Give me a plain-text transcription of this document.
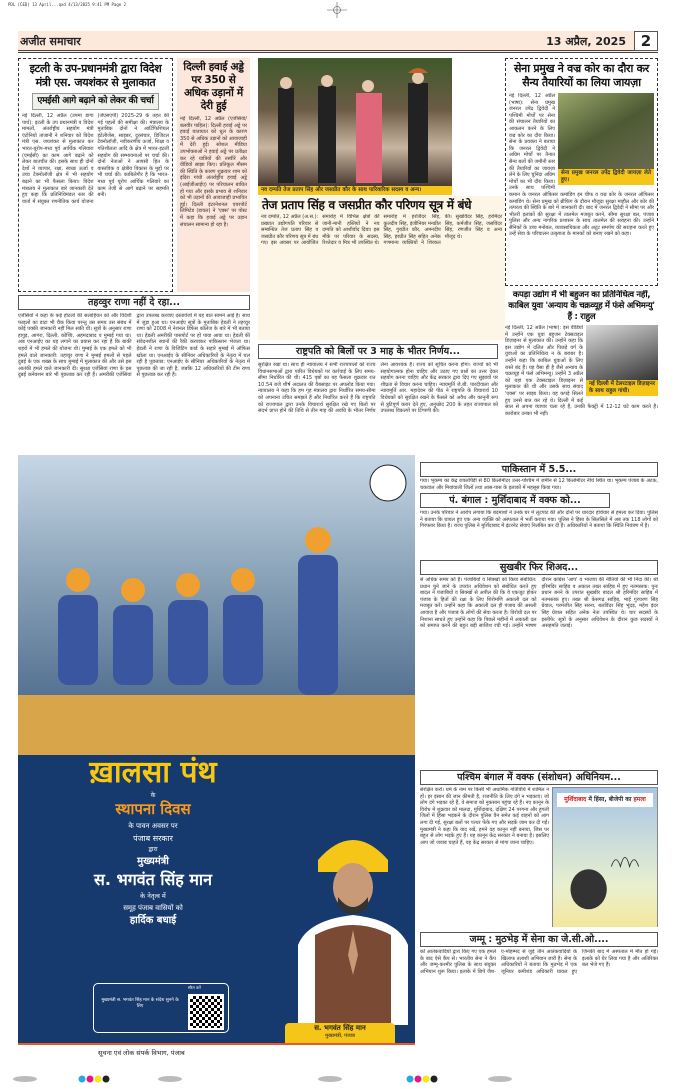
PDL (CED) 13 April...qxd 4/13/2025 9:41 PM Page 2
अजीत समाचार	13 अप्रैल, 2025 2
इटली के उप-प्रधानमंत्री द्वारा विदेश मंत्री एस. जयशंकर से मुलाकात
एमईसी आगे बढ़ाने को लेकर की चर्चा
नई दिल्ली, 12 अप्रैल (उपमा डागा पार्थ): इटली के उप प्रधानमंत्री व विदेश मामलों, अंतर्राष्ट्रीय सहयोग मंत्री एंटोनियो ताजानी ने शनिवार को विदेश मंत्री एस. जयशंकर से मुलाकात कर भारत-यूरोप-मध्य पूर्व आर्थिक गलियारा (एमईसी) का काम आगे बढ़ाने को लेकर बातचीत की। इसके साथ ही दोनों देशों ने व्यापार, रक्षा, स्वच्छ ऊर्जा व उच्च टैक्नोलॉजी क्षेत्र में भी सहयोग बढ़ाने का भी फैसला किया। विदेश मंत्रालय ने मुलाकात बारे जानकारी देते हुए कहा कि प्रतिनिधिमंडल स्तर की वार्ता में संयुक्त रणनीतिक कार्य योजना (जेएसएपी) 2025-29 के तहत की गई पहलों की समीक्षा की। मंत्रालय के मुताबिक दोनों ने आर्टिफिशियल इंटेलीजेंस, साइबर, दूरसंचार, डिजिटल टैक्नोलॉजी, नवीकरणीय ऊर्जा, शिक्षा व गतिशीलता आदि के क्षेत्र में भारत-इटली सहयोग की सम्भावनाओं पर चर्चा की। दोनों नेताओं ने आपसी हित के वास्तविक व क्षेत्रीय विकास के मुद्दों पर भी चर्चा की। काबिलेगौर है कि भारत-मध्य पूर्व यूरोप आर्थिक गलियारे का काम तेजी से आगे बढ़ाने पर सहमति बनी।
दिल्ली हवाई अड्डे पर 350 से अधिक उड़ानों में देरी हुई
नई दिल्ली, 12 अप्रैल (एजेंसियां/बलवीर पाहिल): दिल्ली हवाई अड्डे पर हवाई यातायात को धूल के कारण 350 से अधिक उड़ानों को आवाजाही में देरी हुई। सोशल मीडिया उपभोक्ताओं ने हवाई अड्डे पर प्रतीक्षा कर रहे यात्रियों की तस्वीरें और वीडियो साझा किए। प्रतिकूल मौसम की स्थिति के कारण शुक्रवार शाम को इंदिरा गांधी अंतर्राष्ट्रीय हवाई अड्डे (आईजीआईए) पर परिचालन बाधित हो गया और इसके प्रभाव से शनिवार को भी उड़ानों की आवाजाही प्रभावित हुई। दिल्ली इंटरनेशनल एयरपोर्ट लिमिटेड (डायल) ने 'एक्स' पर पोस्ट में कहा कि हवाई अड्डे पर उड़ान संचालन सामान्य हो रहा है।
नव दम्पति तेज प्रताप सिंह और जसप्रीत कौर के साथ पारिवारिक सदस्य व अन्य।
तेज प्रताप सिंह व जसप्रीत कौर परिणय सूत्र में बंधे
नव दम्पति, 12 अप्रैल (अ.स.): प्रख्यात उद्योगपति परिवार से सम्बन्धित तेज प्रताप सिंह व जसप्रीत कौर परिणय सूत्र में बंध गए। इस अवसर पर आयोजित समारोह में विभिन्न क्षेत्रों की जानी-मानी हस्तियों ने नव दम्पति को आशीर्वाद दिया। इस मौके पर परिवार के सदस्य, रिश्तेदार व मित्र भी उपस्थित थे। समारोह में हरजिंदर सिंह, कुलदीप सिंह, इंजीनियर मनप्रीत सिंह, गुरप्रीत कौर, अमनदीप सिंह, हरप्रीत सिंह सहित अनेक गणमान्य व्यक्तियों ने शिरकत की। सुखविंदर सिंह, हरमिंदर सिंह, कर्मजीत सिंह, जसविंदर सिंह, रणजीत सिंह व अन्य मौजूद थे।
सेना प्रमुख ने वज्र कोर का दौरा कर सैन्य तैयारियों का लिया जायज़ा
सेना प्रमुख जनरल उपेंद्र द्विवेदी जायज़ा लेते हुए।
नई दिल्ली, 12 अप्रैल (भाषा): सेना प्रमुख जनरल उपेंद्र द्विवेदी ने पश्चिमी मोर्चों पर सेना की संचालन तैयारियों का आकलन करने के लिए वज्र कोर का दौरा किया। सेना के प्रवक्ता ने बताया कि जनरल द्विवेदी ने अग्रिम मोर्चों पर तैनात सैन्य बलों की जमीनी स्तर की तैयारियों का जायज़ा लेने के लिए चुनिंदा अग्रिम मोर्चों का भी दौरा किया। उनके साथ पश्चिमी कमान के जनरल ऑफिसर कमांडिंग इन चीफ व वज्र कोर के जनरल ऑफिसर कमांडिंग थे। सेना प्रमुख को ब्रीफिंग के दौरान मौजूदा सुरक्षा माहौल और कोर की तत्परता की स्थिति के बारे में जानकारी दी। बाद में जनरल द्विवेदी ने सीमा पर और भीतरी इलाकों की सुरक्षा में तालमेल मजबूत करने, सीमा सुरक्षा बल, पंजाब पुलिस और अन्य नागरिक प्रशासन के साथ तालमेल की सराहना की। उन्होंने सैनिकों के उच्च मनोबल, व्यावसायिकता और अटूट समर्पण की सराहना करते हुए उन्हें सेवा के परिचालन उत्कृष्टता के मानकों को बनाए रखने को कहा।
तहव्वुर राणा नहीं दे रहा...
एजेंसियों ने कहा के कई होटलों की सलाहियत को और विदेशी फाइलों का डाटा भी चैक किया परन्तु उस समय उस संबंध में कोई पक्की जानकारी नहीं मिल सकी थी। सूत्रों के अनुसार राणा हापुड़, आगरा, दिल्ली, कोच्चि, अहमदाबाद व मुम्बई गया था। अब एनआईए का यह लगाने का प्रयास कर रहा है कि बाकी शहरों में भी हमले की योजना थी। मुम्बई के एक हमले को भी हमले वाले जानकारी: तहव्वुर राणा ने मुम्बई हमलों से पहले दुबई के एक शख्स के साथ मुम्बई में मुलाकात की और उसे इस आतंकी हमले वाले जानकारी दी। सुरक्षा एजेंसियां राणा के इस दुबई कनेक्शन बारे भी पूछताछ कर रही हैं। अमरीकी एजेंसियां द्वारा उपलब्ध करवाए दस्तावेजों में यह बात सामने आई है। साथ में जुड़ा हुआ था। एनआईए सूत्रों के मुताबिक हेडली ने तहव्वुर राणा को 2008 में नेशनल डिफेंस कॉलेज के बारे में भी बताया था। हेडली अमरीकी पासपोर्ट पर हो पाया आया था। हेडली की संवेदनशील स्थानों की रैकी करवाकर पाकिस्तान भेजता था। हेडली ने राणा के विजिटिंग कार्ड के सहारे मुम्बई में ऑफिस खोला था। एनआईए के सीनियर अधिकारियों के नेतृत्व में चल रही है पूछताछ: एनआईए के सीनियर अधिकारियों के नेतृत्व में पूछताछ की जा रही है, जबकि 12 अधिकारियों की टीम राणा से पूछताछ कर रही है।
राष्ट्रपति को बिलों पर 3 माह के भीतर निर्णय...
सुरक्षित रखा था। साथ ही न्यायालय ने सभी राज्यपालों को राज्य विधानसभाओं द्वारा पारित विधेयकों पर कार्रवाई के लिए समय-सीमा निर्धारित की थी। 415 पृष्ठों का यह फैसला शुक्रवार रात 10.54 बजे शीर्ष अदालत की वैबसाइट पर अपलोड किया गया। न्यायालय ने कहा कि हम गृह मंत्रालय द्वारा निर्धारित समय-सीमा को अपनाना उचित समझते हैं और निर्धारित करते हैं कि राष्ट्रपति को राज्यपाल द्वारा उनके विचारार्थ सुरक्षित रखे गए बिलों पर संदर्भ प्राप्त होने की तिथि से तीन माह की अवधि के भीतर निर्णय लेना आवश्यक है। राज्य को सूचित करना होगा। राज्यों को भी सहयोगात्मक होना चाहिए और उठाए गए प्रश्नों का उत्तर देकर सहयोग करना चाहिए और केंद्र सरकार द्वारा दिए गए सुझावों पर शीघ्रता से विचार करना चाहिए। न्यायमूर्ति जे.बी. पारदीवाला और न्यायमूर्ति आर. महादेवन की पीठ ने राष्ट्रपति के विचारार्थ 10 विधेयकों को सुरक्षित रखने के फैसले को अवैध और कानूनी रूप से त्रुटिपूर्ण करार देते हुए, अनुच्छेद 200 के तहत राज्यपाल को उपलब्ध विकल्पों पर टिप्पणी की।
कपड़ा उद्योग में भी बहुजन का प्रतिनिधित्व नहीं, काबिल युवा 'अन्याय के चक्रव्यूह में फंसे अभिमन्यु' हैं : राहुल
नई दिल्ली में टेलरटाइल डिज़ाइनर के साथ राहुल गांधी।
नई दिल्ली, 12 अप्रैल (भाषा): इस वीडियो में उन्होंने एक युवा बहुजन टेक्सटाइल डिज़ाइनर से मुलाकात की। उन्होंने कहा कि इस उद्योग में दलित और पिछड़े वर्ग के युवाओं का प्रतिनिधित्व न के बराबर है। उन्होंने कहा कि काबिल युवाओं के लिए रास्ते बंद हैं। यह वैसा ही है जैसे अन्याय के चक्रव्यूह में फंसे अभिमन्यु। उन्होंने 3 अप्रैल को यहां एक टेक्सटाइल डिज़ाइनर से मुलाकात की थी और उसके साथ संवाद 'एक्स' पर साझा किया। वह कपड़े सिलते हुए उनसे बात कर रहे थे। दिल्ली में कई साल से अपना व्यापार चला रहे हैं, उनकी फैक्ट्री में 12-12 घंटे काम करते हैं। कारोबार उनका भी नहीं।
ख़ालसा पंथ
के
स्थापना दिवस
के पावन अवसर पर
पंजाब सरकार
द्वारा
मुख्यमंत्री
स. भगवंत सिंह मान
के नेतृत्व में
समूह पंजाब वासियों को
हार्दिक बधाई
मुख्यमंत्री स. भगवंत सिंह मान के संदेश सुनने के लिए
स्कैन करें
स. भगवंत सिंह मान
मुख्यमंत्री, पंजाब
सूचना एवं लोक संपर्क विभाग, पंजाब
पाकिस्तान में 5.5...
गया। भूकम्प का केंद्र रावलपिंडी से 80 किलोमीटर उत्तर-पश्चिम में जमीन से 12 किलोमीटर नीचे स्थित था। भूकम्प पंजाब के अटक, चकवाल और मियांवाली जिलों तथा आस-पास के इलाकों में महसूस किया गया।
पं. बंगाल : मुर्शिदाबाद में वक्फ को...
गया। उनके परिवार ने आरोप लगाया कि बदमाशों ने उनके घर में लूटपाट की और दोनों पर धारदार हथियार से हमला कर दिया। पुलिस ने बताया कि घायल हुए एक अन्य व्यक्ति को अस्पताल में भर्ती कराया गया। पुलिस ने हिंसा के सिलसिले में अब तक 118 लोगों को गिरफ्तार किया है। राज्य पुलिस ने मुर्शिदाबाद में इंटरनेट सेवाएं निलंबित कर दी हैं। अधिकारियों ने बताया कि स्थिति नियंत्रण में है।
सुखबीर फिर शिअद...
से अधिक समय को है। पंजाबियों व सिक्खों को किया संबोधित: प्रधान चुने जाने के उपरांत अधिवेशन को संबोधित करते हुए बादल ने पंजाबियों व सिक्खों से अपील की कि वे एकजुट होकर पंजाब के हितों की रक्षा के लिए शिरोमणि अकाली दल को मजबूत करें। उन्होंने कहा कि अकाली दल ही पंजाब की असली आवाज है और पंजाब के लोगों की सेवा करता है। विरोधी दल पर निशाना साधते हुए उन्होंने कहा कि पिछले महीनों में अकाली दल को समाप्त करने की बहुत बड़ी साजिश रची गई। उन्होंने भाषण दौरान कांग्रेस 'आप' व भाजपा की नीतियों की भी निंदा की। श्री हरिमंदिर साहिब व अकाल तख्त साहिब में हुए नतमस्तक: पुनः प्रधान बनने के उपरांत सुखबीर बादल श्री हरिमंदिर साहिब में नतमस्तक हुए। तख्त श्री केसगढ़ साहिब, भाई गुरचरण सिंह ग्रेवाल, परमजीत सिंह सरना, बलविंदर सिंह भूंदड़, महेश इंदर सिंह ग्रेवाल सहित अनेक नेता उपस्थित थे। चार सदस्यों के इस्तीफे: सूत्रों के अनुसार अधिवेशन के दौरान कुछ सदस्यों ने असहमति जताई।
पश्चिम बंगाल में वक्फ (संशोधन) अधिनियम...
मुर्शिदाबाद में हिंसा, बीजेपी का हमला
संरक्षित करो। धर्म के नाम पर किसी भी अधार्मिक गतिविधि में शामिल न हों। हर इंसान की जान कीमती है, राजनीति के लिए दंगे न भड़काएं। जो लोग दंगे भड़का रहे हैं, वे समाज को नुकसान पहुंचा रहे हैं। नए कानून के विरोध में शुक्रवार को मालदा, मुर्शिदाबाद, दक्षिण 24 परगना और हुगली जिलों में हिंसा भड़कने के दौरान पुलिस वैन समेत कई वाहनों को आग लगा दी गई, सुरक्षा बलों पर पत्थर फेंके गए और सड़कें जाम कर दी गईं। मुख्यमंत्री ने कहा कि याद रखें, हमने वह कानून नहीं बनाया, जिस पर बहुत से लोग भड़के हुए हैं। यह कानून केंद्र सरकार ने बनाया है। इसलिए आप जो जवाब चाहते हैं, वह केंद्र सरकार से मांगा जाना चाहिए।
जम्मू : मुठभेड़ में सेना का जे.सी.ओ....
को आतंकवादियों द्वारा किए गए एक हमले के बाद ऐसे कैंप से। भारतीय सेना ने कैंप और जम्मू-कश्मीर पुलिस के साथ संयुक्त अभियान शुरू किया। इलाके में छिपे जैश-ए-मोहम्मद से जुड़े तीन आतंकवादियों के खिलाफ तलाशी अभियान जारी है। सेना के अधिकारियों ने बताया कि मुठभेड़ में एक जूनियर कमीशंड अधिकारी घायल हुए जिनकी बाद में अस्पताल में मौत हो गई। इलाके को घेर लिया गया है और अतिरिक्त बल भेजे गए हैं।
